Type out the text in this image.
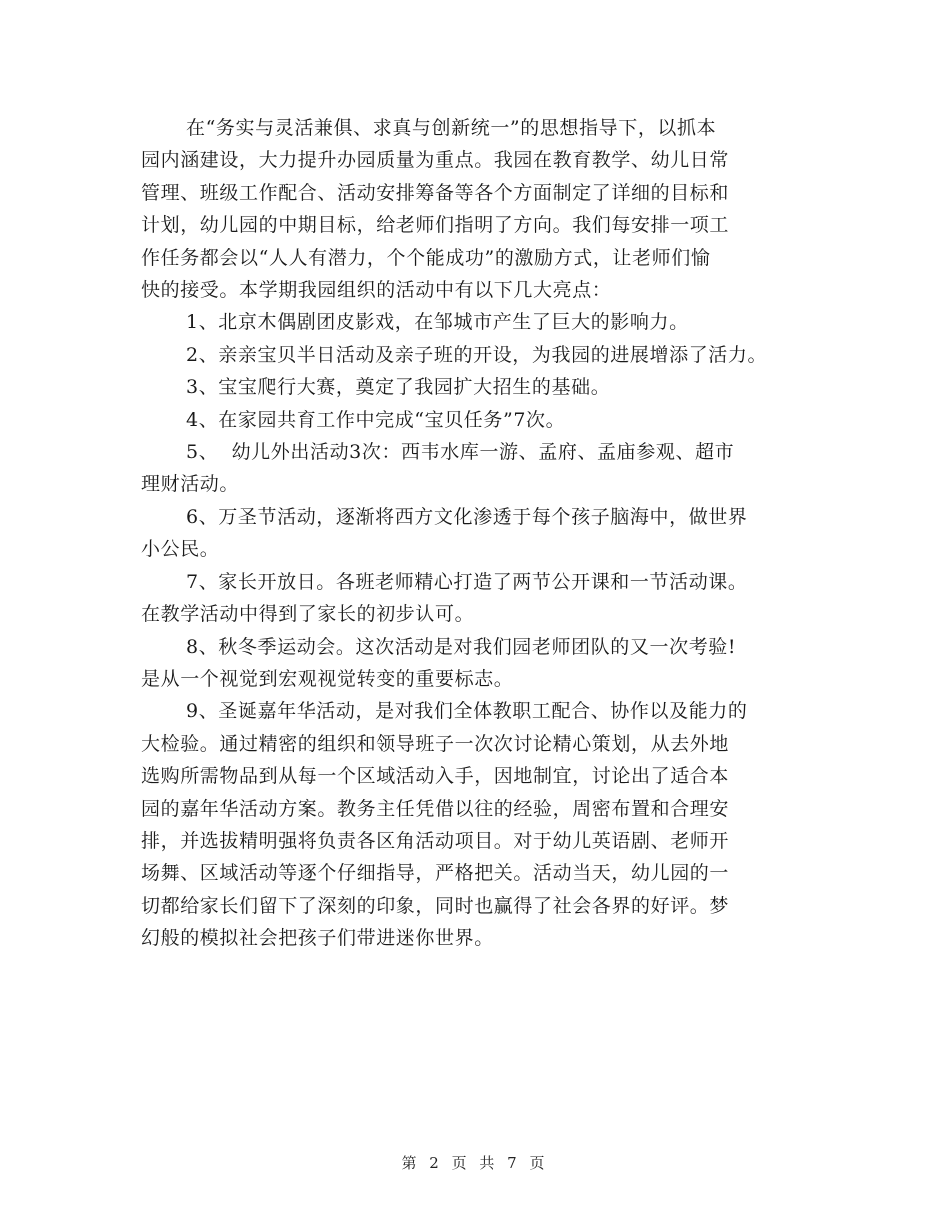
在“务实与灵活兼俱、求真与创新统一”的思想指导下，以抓本
园内涵建设，大力提升办园质量为重点。我园在教育教学、幼儿日常
管理、班级工作配合、活动安排筹备等各个方面制定了详细的目标和
计划，幼儿园的中期目标，给老师们指明了方向。我们每安排一项工
作任务都会以“人人有潜力，个个能成功”的激励方式，让老师们愉
快的接受。本学期我园组织的活动中有以下几大亮点：

1、北京木偶剧团皮影戏，在邹城市产生了巨大的影响力。

2、亲亲宝贝半日活动及亲子班的开设，为我园的进展增添了活力。

3、宝宝爬行大赛，奠定了我园扩大招生的基础。

4、在家园共育工作中完成“宝贝任务”7次。

5、  幼儿外出活动3次：西韦水库一游、孟府、孟庙参观、超市
理财活动。

6、万圣节活动，逐渐将西方文化渗透于每个孩子脑海中，做世界
小公民。

7、家长开放日。各班老师精心打造了两节公开课和一节活动课。
在教学活动中得到了家长的初步认可。

8、秋冬季运动会。这次活动是对我们园老师团队的又一次考验!
是从一个视觉到宏观视觉转变的重要标志。

9、圣诞嘉年华活动，是对我们全体教职工配合、协作以及能力的
大检验。通过精密的组织和领导班子一次次讨论精心策划，从去外地
选购所需物品到从每一个区域活动入手，因地制宜，讨论出了适合本
园的嘉年华活动方案。教务主任凭借以往的经验，周密布置和合理安
排，并选拔精明强将负责各区角活动项目。对于幼儿英语剧、老师开
场舞、区域活动等逐个仔细指导，严格把关。活动当天，幼儿园的一
切都给家长们留下了深刻的印象，同时也赢得了社会各界的好评。梦
幻般的模拟社会把孩子们带进迷你世界。

第 2 页 共 7 页
